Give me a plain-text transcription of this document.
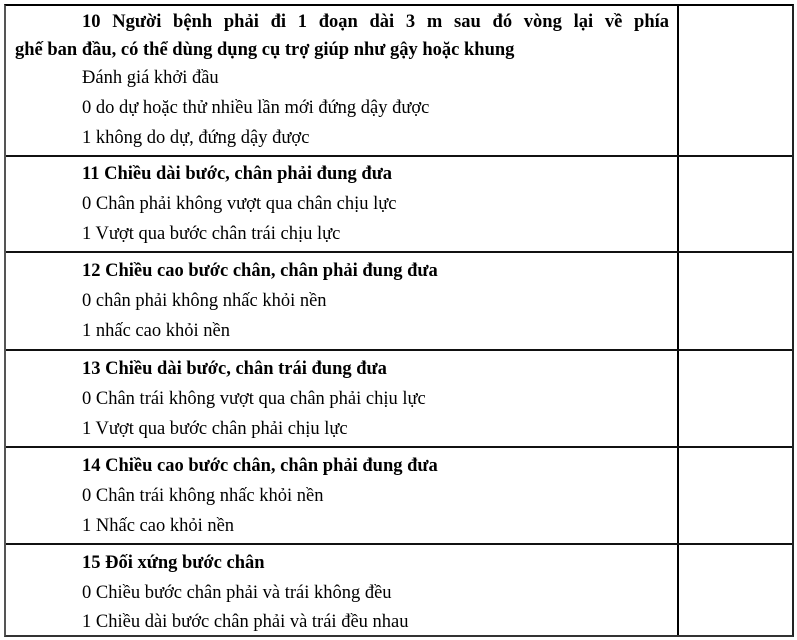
10 Người bệnh phải đi 1 đoạn dài 3 m sau đó vòng lại về phía
ghế ban đầu, có thể dùng dụng cụ trợ giúp như gậy hoặc khung
Đánh giá khởi đầu
0 do dự hoặc thử nhiều lần mới đứng dậy được
1 không do dự, đứng dậy được
11 Chiều dài bước, chân phải đung đưa
0 Chân phải không vượt qua chân chịu lực
1 Vượt qua bước chân trái chịu lực
12 Chiều cao bước chân, chân phải đung đưa
0 chân phải không nhấc khỏi nền
1 nhấc cao khỏi nền
13 Chiều dài bước, chân trái đung đưa
0 Chân trái không vượt qua chân phải chịu lực
1 Vượt qua bước chân phải chịu lực
14 Chiều cao bước chân, chân phải đung đưa
0 Chân trái không nhấc khỏi nền
1 Nhấc cao khỏi nền
15 Đối xứng bước chân
0 Chiều bước chân phải và trái không đều
1 Chiều dài bước chân phải và trái đều nhau
